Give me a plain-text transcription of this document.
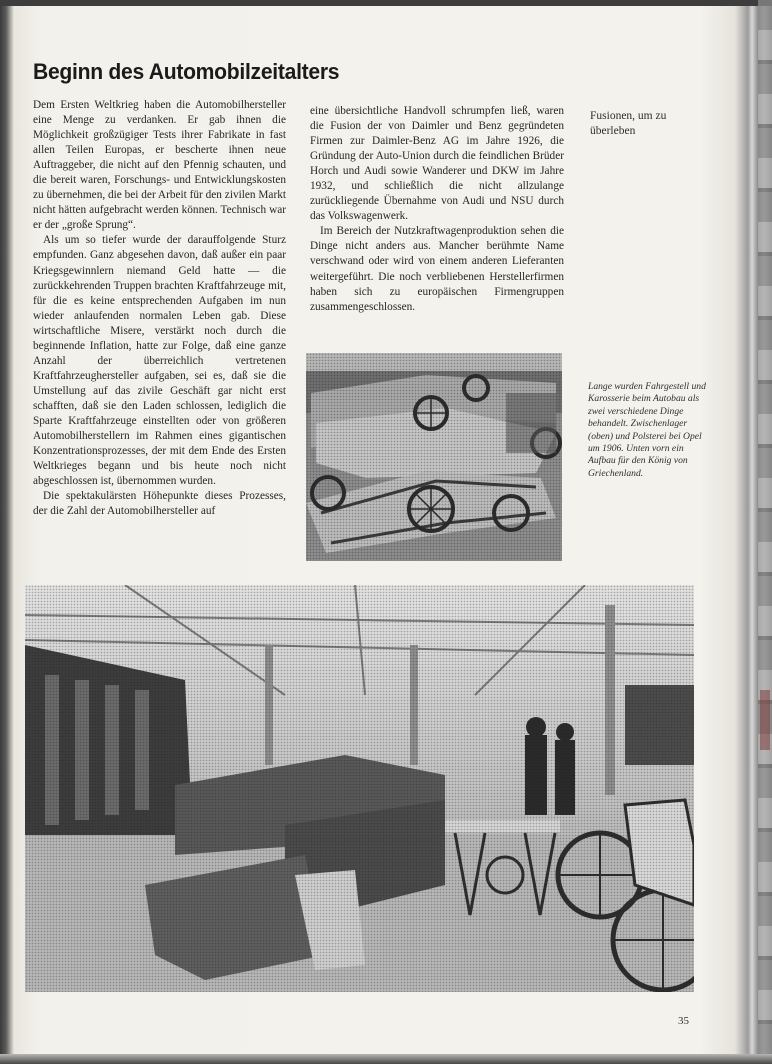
Beginn des Automobilzeitalters

Dem Ersten Weltkrieg haben die Automobilhersteller eine Menge zu verdanken. Er gab ihnen die Möglichkeit großzügiger Tests ihrer Fabrikate in fast allen Teilen Europas, er bescherte ihnen neue Auftraggeber, die nicht auf den Pfennig schauten, und die bereit waren, Forschungs- und Entwicklungskosten zu übernehmen, die bei der Arbeit für den zivilen Markt nicht hätten aufgebracht werden können. Technisch war er der „große Sprung“.

Als um so tiefer wurde der darauffolgende Sturz empfunden. Ganz abgesehen davon, daß außer ein paar Kriegsgewinnlern niemand Geld hatte — die zurückkehrenden Truppen brachten Kraftfahrzeuge mit, für die es keine entsprechenden Aufgaben im nun wieder anlaufenden normalen Leben gab. Diese wirtschaftliche Misere, verstärkt noch durch die beginnende Inflation, hatte zur Folge, daß eine ganze Anzahl der überreichlich vertretenen Kraftfahrzeughersteller aufgaben, sei es, daß sie die Umstellung auf das zivile Geschäft gar nicht erst schafften, daß sie den Laden schlossen, lediglich die Sparte Kraftfahrzeuge einstellten oder von größeren Automobilherstellern im Rahmen eines gigantischen Konzentrationsprozesses, der mit dem Ende des Ersten Weltkrieges begann und bis heute noch nicht abgeschlossen ist, übernommen wurden.

Die spektakulärsten Höhepunkte dieses Prozesses, der die Zahl der Automobilhersteller auf

eine übersichtliche Handvoll schrumpfen ließ, waren die Fusion der von Daimler und Benz gegründeten Firmen zur Daimler-Benz AG im Jahre 1926, die Gründung der Auto-Union durch die feindlichen Brüder Horch und Audi sowie Wanderer und DKW im Jahre 1932, und schließlich die nicht allzulange zurückliegende Übernahme von Audi und NSU durch das Volkswagenwerk.

Im Bereich der Nutzkraftwagenproduktion sehen die Dinge nicht anders aus. Mancher berühmte Name verschwand oder wird von einem anderen Lieferanten weitergeführt. Die noch verbliebenen Herstellerfirmen haben sich zu europäischen Firmengruppen zusammengeschlossen.

Fusionen, um zu überleben
Lange wurden Fahrgestell und Karosserie beim Autobau als zwei verschiedene Dinge behandelt. Zwischenlager (oben) und Polsterei bei Opel um 1906. Unten vorn ein Aufbau für den König von Griechenland.
35
